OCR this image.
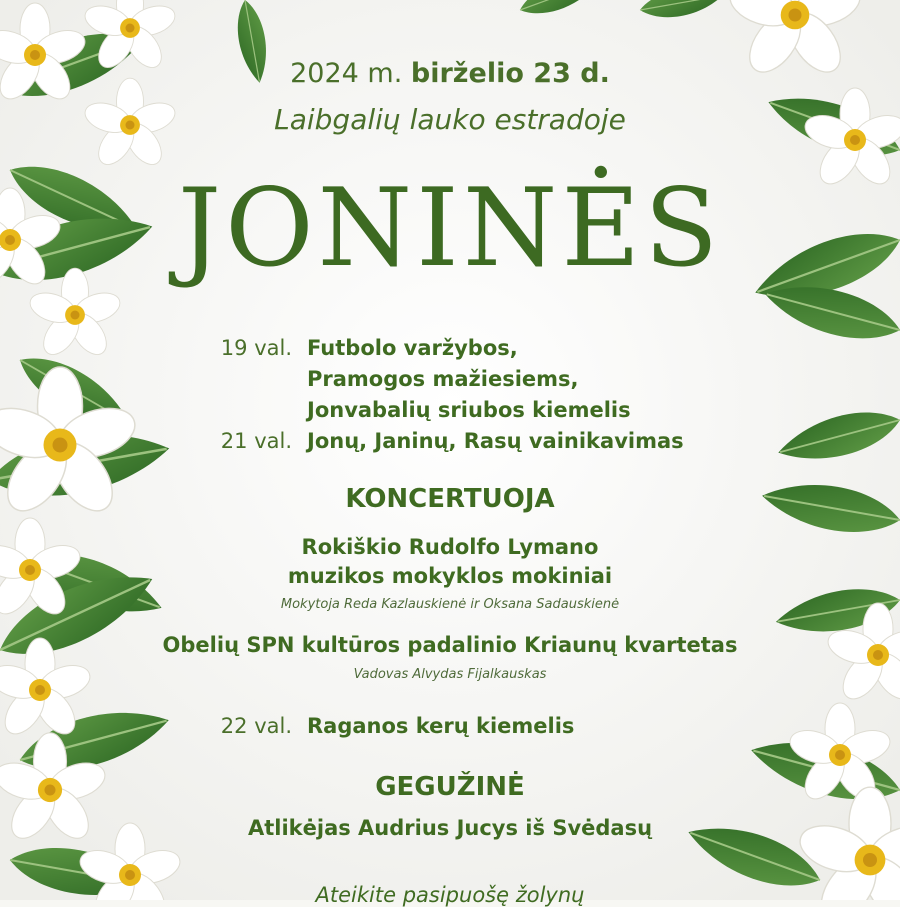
2024 m. birželio 23 d.
Laibgalių lauko estradoje
JONINĖS
19 val. Futbolo varžybos,
Pramogos mažiesiems,
Jonvabalių sriubos kiemelis
21 val. Jonų, Janinų, Rasų vainikavimas
KONCERTUOJA
Rokiškio Rudolfo Lymano
muzikos mokyklos mokiniai
Mokytoja Reda Kazlauskienė ir Oksana Sadauskienė
Obelių SPN kultūros padalinio Kriaunų kvartetas
Vadovas Alvydas Fijalkauskas
22 val. Raganos kerų kiemelis
GEGUŽINĖ
Atlikėjas Audrius Jucys iš Svėdasų
Ateikite pasipuošę žolynų
